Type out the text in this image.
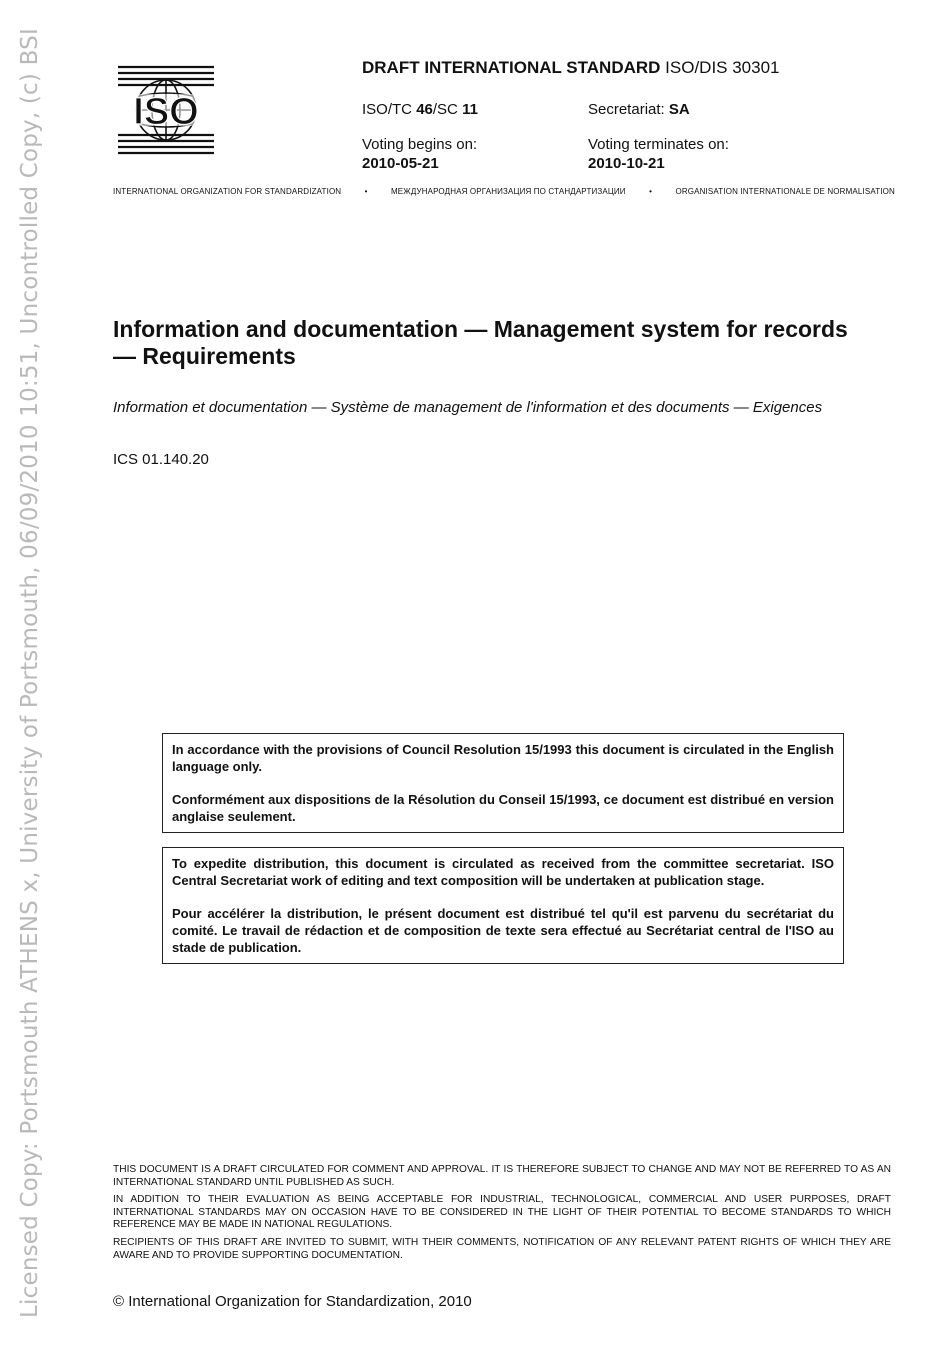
Licensed Copy: Portsmouth ATHENS x, University of Portsmouth, 06/09/2010 10:51, Uncontrolled Copy, (c) BSI ISO
DRAFT INTERNATIONAL STANDARD ISO/DIS 30301
ISO/TC 46/SC 11	Secretariat: SA
Voting begins on:
2010-05-21
Voting terminates on:
2010-10-21
INTERNATIONAL ORGANIZATION FOR STANDARDIZATION	•	МЕЖДУНАРОДНАЯ ОРГАНИЗАЦИЯ ПО СТАНДАРТИЗАЦИИ	•	ORGANISATION INTERNATIONALE DE NORMALISATION
Information and documentation — Management system for records — Requirements
Information et documentation — Système de management de l'information et des documents — Exigences
ICS 01.140.20

In accordance with the provisions of Council Resolution 15/1993 this document is circulated in the English language only.

Conformément aux dispositions de la Résolution du Conseil 15/1993, ce document est distribué en version anglaise seulement.

To expedite distribution, this document is circulated as received from the committee secretariat. ISO Central Secretariat work of editing and text composition will be undertaken at publication stage.

Pour accélérer la distribution, le présent document est distribué tel qu'il est parvenu du secrétariat du comité. Le travail de rédaction et de composition de texte sera effectué au Secrétariat central de l'ISO au stade de publication.

THIS DOCUMENT IS A DRAFT CIRCULATED FOR COMMENT AND APPROVAL. IT IS THEREFORE SUBJECT TO CHANGE AND MAY NOT BE REFERRED TO AS AN INTERNATIONAL STANDARD UNTIL PUBLISHED AS SUCH.

IN ADDITION TO THEIR EVALUATION AS BEING ACCEPTABLE FOR INDUSTRIAL, TECHNOLOGICAL, COMMERCIAL AND USER PURPOSES, DRAFT INTERNATIONAL STANDARDS MAY ON OCCASION HAVE TO BE CONSIDERED IN THE LIGHT OF THEIR POTENTIAL TO BECOME STANDARDS TO WHICH REFERENCE MAY BE MADE IN NATIONAL REGULATIONS.

RECIPIENTS OF THIS DRAFT ARE INVITED TO SUBMIT, WITH THEIR COMMENTS, NOTIFICATION OF ANY RELEVANT PATENT RIGHTS OF WHICH THEY ARE AWARE AND TO PROVIDE SUPPORTING DOCUMENTATION.

© International Organization for Standardization, 2010
